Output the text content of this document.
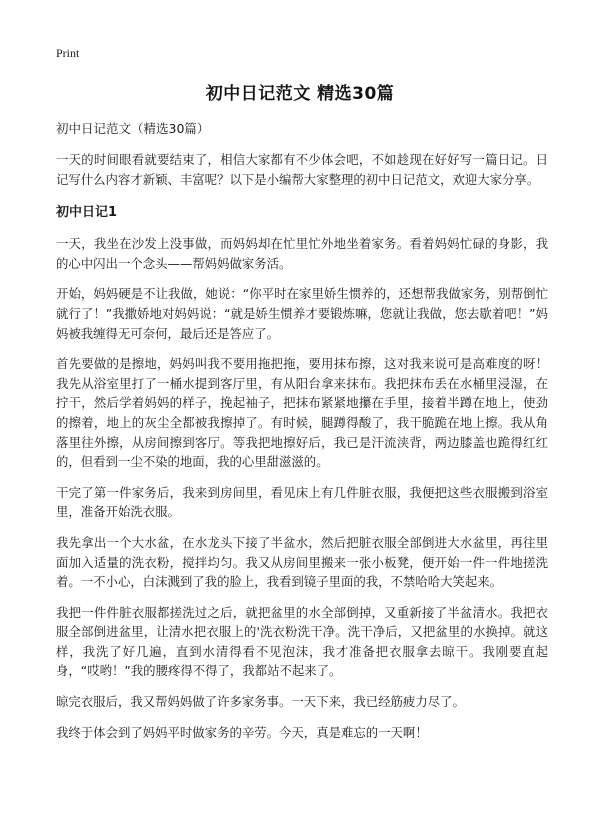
Print
初中日记范文 精选30篇

初中日记范文（精选30篇）

一天的时间眼看就要结束了，相信大家都有不少体会吧，不如趁现在好好写一篇日记。日记写什么内容才新颖、丰富呢？以下是小编帮大家整理的初中日记范文，欢迎大家分享。

初中日记1

一天，我坐在沙发上没事做，而妈妈却在忙里忙外地坐着家务。看着妈妈忙碌的身影，我的心中闪出一个念头——帮妈妈做家务活。

开始，妈妈硬是不让我做，她说：“你平时在家里娇生惯养的，还想帮我做家务，别帮倒忙就行了！”我撒娇地对妈妈说：“就是娇生惯养才要锻炼嘛，您就让我做，您去歇着吧！”妈妈被我缠得无可奈何，最后还是答应了。

首先要做的是擦地，妈妈叫我不要用拖把拖，要用抹布擦，这对我来说可是高难度的呀！我先从浴室里打了一桶水提到客厅里，有从阳台拿来抹布。我把抹布丢在水桶里浸湿，在拧干，然后学着妈妈的样子，挽起袖子，把抹布紧紧地攥在手里，接着半蹲在地上，使劲的擦着，地上的灰尘全都被我擦掉了。有时候，腿蹲得酸了，我干脆跪在地上擦。我从角落里往外擦，从房间擦到客厅。等我把地擦好后，我已是汗流浃背，两边膝盖也跪得红红的，但看到一尘不染的地面，我的心里甜滋滋的。

干完了第一件家务后，我来到房间里，看见床上有几件脏衣服，我便把这些衣服搬到浴室里，准备开始洗衣服。

我先拿出一个大水盆，在水龙头下接了半盆水，然后把脏衣服全部倒进大水盆里，再往里面加入适量的洗衣粉，搅拌均匀。我又从房间里搬来一张小板凳，便开始一件一件地搓洗着。一不小心，白沫溅到了我的脸上，我看到镜子里面的我，不禁哈哈大笑起来。

我把一件件脏衣服都搓洗过之后，就把盆里的水全部倒掉，又重新接了半盆清水。我把衣服全部倒进盆里，让清水把衣服上的'洗衣粉洗干净。洗干净后，又把盆里的水换掉。就这样，我洗了好几遍，直到水清得看不见泡沫，我才准备把衣服拿去晾干。我刚要直起身，“哎哟！”我的腰疼得不得了，我都站不起来了。

晾完衣服后，我又帮妈妈做了许多家务事。一天下来，我已经筋疲力尽了。

我终于体会到了妈妈平时做家务的辛劳。今天，真是难忘的一天啊！
